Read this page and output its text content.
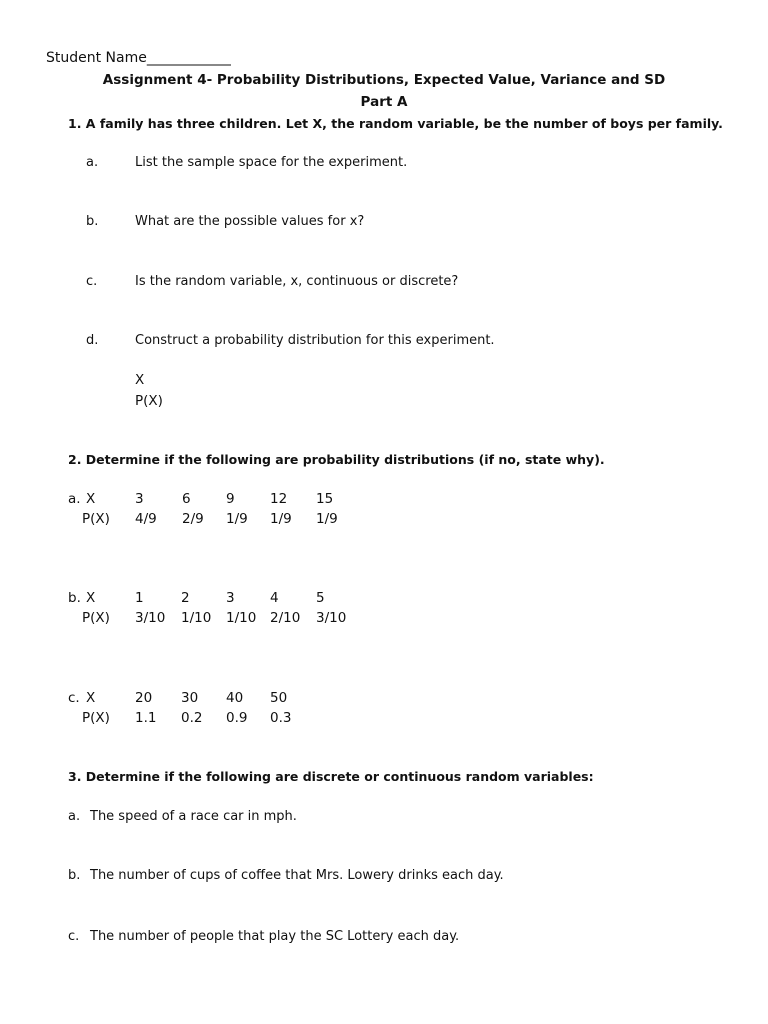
Student Name____________
Assignment 4- Probability Distributions, Expected Value, Variance and SD
Part A
1. A family has three children. Let X, the random variable, be the number of boys per family.
a.	List the sample space for the experiment.
b.	What are the possible values for x?
c.	Is the random variable, x, continuous or discrete?
d.	Construct a probability distribution for this experiment.
X
P(X)
2. Determine if the following are probability distributions (if no, state why).
a. X	3	6	9	12 15
P(X) 4/9 2/9 1/9 1/9 1/9
b. X	1	2	3	4	5
P(X) 3/10 1/10 1/10 2/10 3/10
c. X	20 30 40 50
P(X) 1.1 0.2 0.9 0.3
3. Determine if the following are discrete or continuous random variables:
a. The speed of a race car in mph.
b. The number of cups of coffee that Mrs. Lowery drinks each day.
c. The number of people that play the SC Lottery each day.
